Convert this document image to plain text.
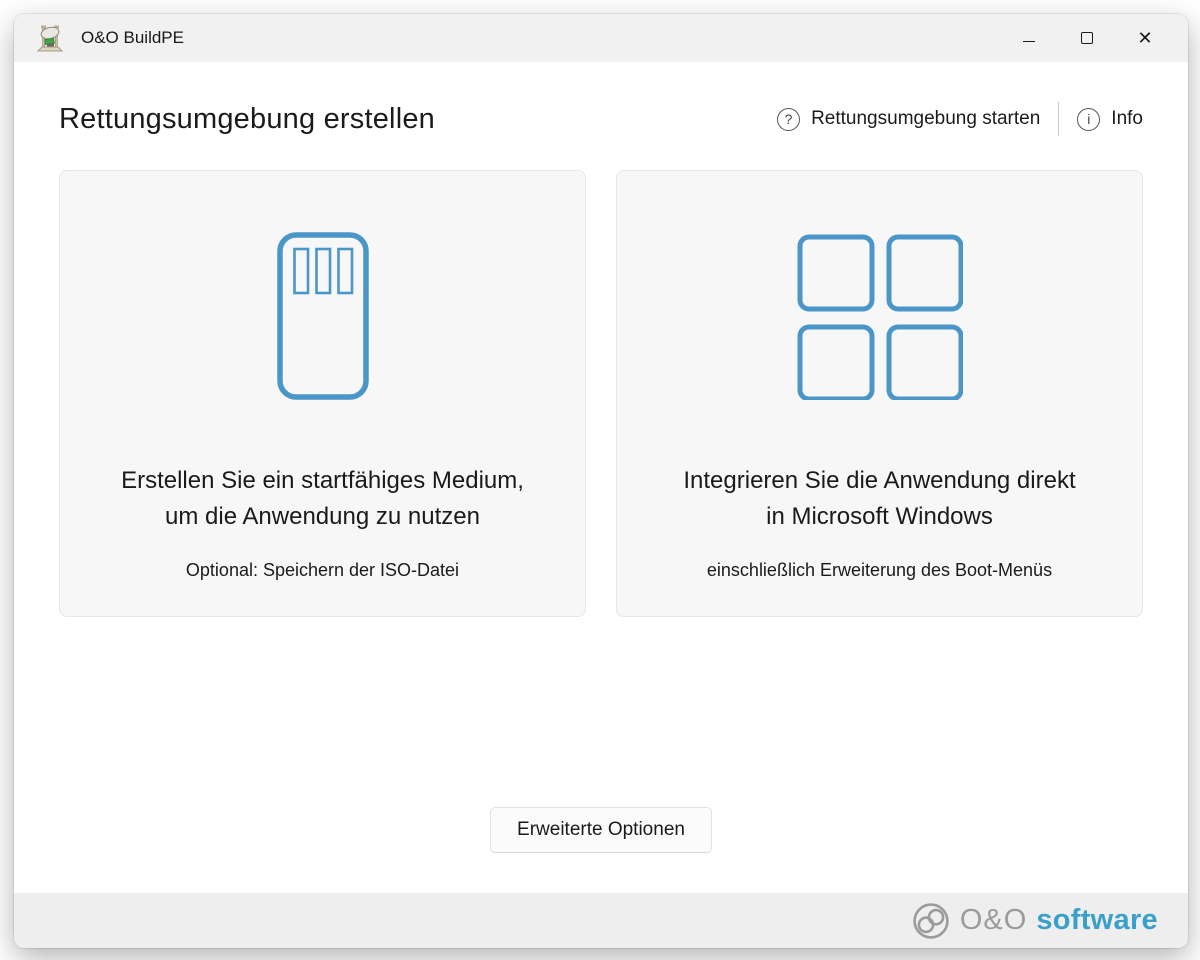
O&O BuildPE	✕
Rettungsumgebung erstellen	? Rettungsumgebung starten	i	Info
Erstellen Sie ein startfähiges Medium,
um die Anwendung zu nutzen
Optional: Speichern der ISO-Datei
Integrieren Sie die Anwendung direkt
in Microsoft Windows
einschließlich Erweiterung des Boot-Menüs
Erweiterte Optionen
O&O software
